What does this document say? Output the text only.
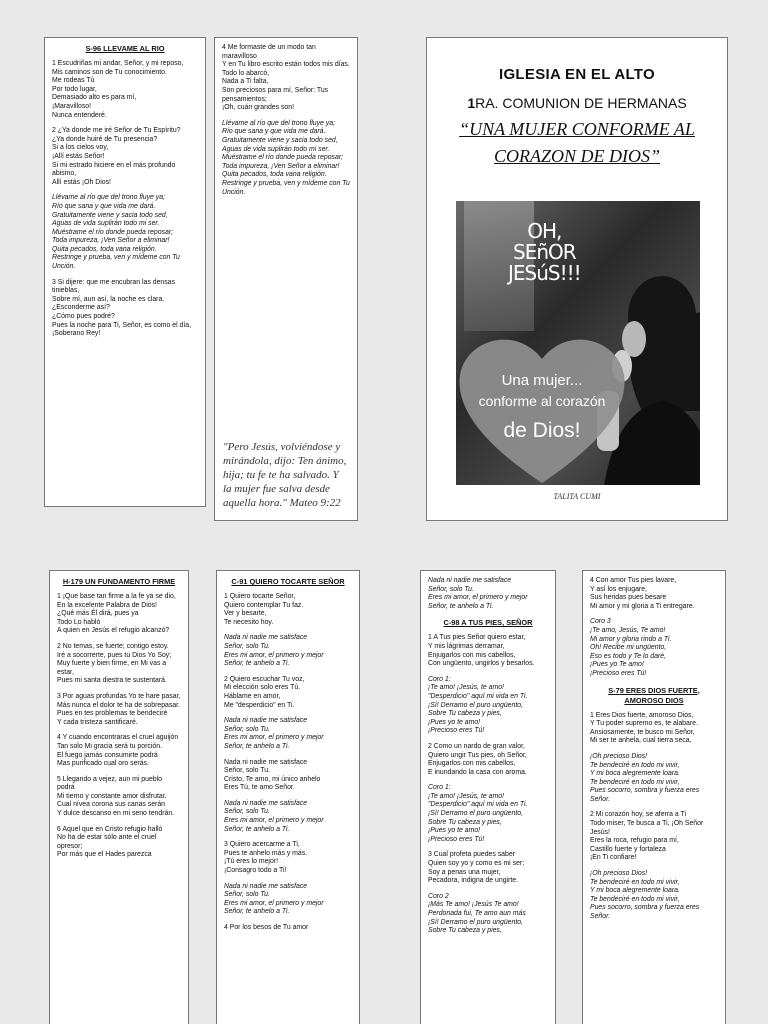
S-96 LLEVAME AL RIO
1 Escudriñas mi andar, Señor, y mi reposo,
Mis caminos son de Tu conocimiento.
Me rodeas Tú
Por todo lugar,
Demasiado alto es para mí,
¡Maravilloso!
Nunca entenderé.
2 ¿Ya donde me iré Señor de Tu Espíritu?
¿Ya donde huiré de Tu presencia?
Si a los cielos voy,
¡Allí estás Señor!
Si mi estrado hiciere en el más profundo abismo,
Allí estás ¡Oh Dios!
Llévame al río que del trono fluye ya;
Río que sana y que vida me dará.
Gratuitamente viene y sacia todo sed,
Aguas de vida suplirán todo mi ser.
Muéstrame el río donde pueda reposar;
Toda impureza, ¡Ven Señor a eliminar!
Quita pecados, toda vana religión.
Restringe y prueba, ven y mídeme con Tu Unción.
3 Si dijere: que me encubran las densas tinieblas,
Sobre mí, aun así, la noche es clara.
¿Esconderme así?
¿Cómo pues podré?
Pues la noche para Ti, Señor, es como el día,
¡Soberano Rey!
4 Me formaste de un modo tan maravilloso
Y en Tu libro escrito están todos mis días.
Todo lo abarcó,
Nada a Ti falta,
Son preciosos para mí, Señor: Tus pensamientos;
¡Oh, cuán grandes son!
Llévame al río que del trono fluye ya;
Río que sana y que vida me dará.
Gratuitamente viene y sacia todo sed,
Aguas de vida suplirán todo mi ser.
Muéstrame el río donde pueda reposar;
Toda impureza, ¡Ven Señor a eliminar!
Quita pecados, toda vana religión.
Restringe y prueba, ven y mídeme con Tu Unción.
"Pero Jesús, volviéndose y mirándola, dijo: Ten ánimo, hija; tu fe te ha salvado. Y la mujer fue salva desde aquella hora." Mateo 9:22
IGLESIA EN EL ALTO
1RA. COMUNION DE HERMANAS
“UNA MUJER CONFORME AL
CORAZON DE DIOS”
OH,
SEñOR
JESúS!!!
Una mujer...
conforme al corazón
de Dios!
TALITA CUMI
H-179 UN FUNDAMENTO FIRME
1 ¡Que base tan firme a la fe ya se dio,
En la excelente Palabra de Dios!
¿Qué más Él dirá, pues ya
Todo Lo habló
A quien en Jesús el refugio alcanzó?
2 No temas, se fuerte; contigo estoy.
Iré a socorrerte, pues tu Dios Yo Soy;
Muy fuerte y bien firme, en Mi vas a estar,
Pues mi santa diestra te sustentará.
3 Por aguas profundas Yo te hare pasar,
Más nunca el dolor te ha de sobrepasar.
Pues en tes problemas te bendeciré
Y cada tristeza santificaré.
4 Y cuando encontraras el cruel aguijón
Tan solo Mi gracia será tu porción.
El fuego jamás consumirte podrá
Mas purificado cual oro serás.
5 Llegando a vejez, aun mi pueblo podrá
Mi tierno y constante amor disfrutar.
Cual nívea corona sus canas serán
Y dulce descanso en mi seno tendrán.
6 Aquel que en Cristo refugio halló
No ha de estar sólo ante el cruel opresor;
Por más que el Hades parezca
C-91 QUIERO TOCARTE SEÑOR
1 Quiero tocarte Señor,
Quiero contemplar Tu faz.
Ver y besarte,
Te necesito hoy.
Nada ni nadie me satisface
Señor, solo Tu.
Eres mi amor, el primero y mejor
Señor, te anhelo a Ti.
2 Quiero escuchar Tu voz,
Mi elección solo eres Tú.
Háblame en amor,
Me "desperdicio" en Ti.
Nada ni nadie me satisface
Señor, solo Tu.
Eres mi amor, el primero y mejor
Señor, te anhelo a Ti.
Nada ni nadie me satisface
Señor, solo Tu.
Cristo, Te amo, mi único anhelo
Eres Tú, te amo Señor.
Nada ni nadie me satisface
Señor, solo Tu.
Eres mi amor, el primero y mejor
Señor, te anhelo a Ti.
3 Quiero acercarme a Ti,
Pues te anhelo más y más.
¡Tú eres lo mejor!
¡Consagro todo a Ti!
Nada ni nadie me satisface
Señor, solo Tu.
Eres mi amor, el primero y mejor
Señor, te anhelo a Ti.
4 Por los besos de Tu amor
Nada ni nadie me satisface
Señor, solo Tu.
Eres mi amor, el primero y mejor
Señor, te anhelo a Ti.
C-98 A TUS PIES, SEÑOR
1 A Tus pies Señor quiero estar,
Y mis lágrimas derramar,
Enjugarlos con mis cabellos,
Con ungüento, ungirlos y besarlos.
Coro 1:
¡Te amo! ¡Jesús, te amo!
"Desperdicio" aquí mi vida en Ti.
¡Sí! Derramo el puro ungüento,
Sobre Tu cabeza y pies,
¡Pues yo te amo!
¡Precioso eres Tú!
2 Como un nardo de gran valor,
Quiero ungir Tus pies, oh Señor,
Enjugarlos con mis cabellos,
E inundando la casa con aroma.
Coro 1:
¡Te amo! ¡Jesús, te amo!
"Desperdicio" aquí mi vida en Ti.
¡Sí! Derramo el puro ungüento,
Sobre Tu cabeza y pies,
¡Pues yo te amo!
¡Precioso eres Tú!
3 Cual profeta puedes saber
Quien soy yo y como es mi ser;
Soy a penas una mujer,
Pecadora, indigna de ungirte.
Coro 2
¡Más Te amo! ¡Jesús Te amo!
Perdonada fui, Te amo aun más
¡Sí! Derramo el puro ungüento,
Sobre Tu cabeza y pies,
4 Con amor Tus pies lavare,
Y así los enjugare,
Sus heridas pues besare
Mi amor y mi gloria a Ti entregare.
Coro 3
¡Te amo, Jesús, Te amo!
Mi amor y gloria rindo a Ti.
Oh! Recibe mi ungüento,
Eso es todo y Te lo daré,
¡Pues yo Te amo!
¡Precioso eres Tú!
S-79 ERES DIOS FUERTE, AMOROSO DIOS
1 Eres Dios fuerte, amoroso Dios,
Y Tu poder supremo es, te alabare.
Ansiosamente, te busco mi Señor,
Mi ser te anhela, cual tierra seca,
¡Oh precioso Dios!
Te bendeciré en todo mi vivir,
Y mi boca alegremente loara.
Te bendeciré en todo mi vivir,
Pues socorro, sombra y fuerza eres Señor.
2 Mi corazón hoy, se aferra a Ti
Todo miser, Te busca a Ti, ¡Oh Señor Jesús!
Eres la roca, refugio para mí,
Castillo fuerte y fortaleza
¡En Ti confiare!
¡Oh precioso Dios!
Te bendeciré en todo mi vivir,
Y mi boca alegremente loara.
Te bendeciré en todo mi vivir,
Pues socorro, sombra y fuerza eres Señor.
